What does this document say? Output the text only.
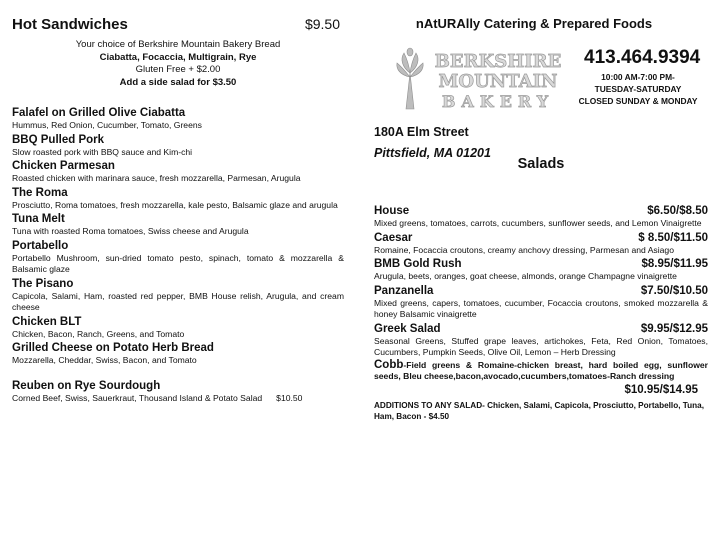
Hot Sandwiches	$9.50
Your choice of Berkshire Mountain Bakery Bread
Ciabatta, Focaccia, Multigrain, Rye
Gluten Free + $2.00
Add a side salad for $3.50
Falafel on Grilled Olive Ciabatta
Hummus, Red Onion, Cucumber, Tomato, Greens
BBQ Pulled Pork
Slow roasted pork with BBQ sauce and Kim-chi
Chicken Parmesan
Roasted chicken with marinara sauce, fresh mozzarella, Parmesan, Arugula
The Roma
Prosciutto, Roma tomatoes, fresh mozzarella, kale pesto, Balsamic glaze and arugula
Tuna Melt
Tuna with roasted Roma tomatoes, Swiss cheese and Arugula
Portabello
Portabello Mushroom, sun-dried tomato pesto, spinach, tomato & mozzarella & Balsamic glaze
The Pisano
Capicola, Salami, Ham, roasted red pepper, BMB House relish, Arugula, and cream cheese
Chicken BLT
Chicken, Bacon, Ranch, Greens, and Tomato
Grilled Cheese on Potato Herb Bread
Mozzarella, Cheddar, Swiss, Bacon, and Tomato
Reuben on Rye Sourdough
Corned Beef, Swiss, Sauerkraut, Thousand Island & Potato Salad $10.50
nAtURAlly Catering & Prepared Foods
BERKSHIRE
MOUNTAIN
BAKERY
413.464.9394
10:00 AM-7:00 PM-
TUESDAY-SATURDAY
CLOSED SUNDAY & MONDAY
180A Elm Street
Pittsfield, MA 01201
Salads
House	$6.50/$8.50
Mixed greens, tomatoes, carrots, cucumbers, sunflower seeds, and Lemon Vinaigrette
Caesar	$ 8.50/$11.50
Romaine, Focaccia croutons, creamy anchovy dressing, Parmesan and Asiago
BMB Gold Rush	$8.95/$11.95
Arugula, beets, oranges, goat cheese, almonds, orange Champagne vinaigrette
Panzanella	$7.50/$10.50
Mixed greens, capers, tomatoes, cucumber, Focaccia croutons, smoked mozzarella & honey Balsamic vinaigrette
Greek Salad	$9.95/$12.95
Seasonal Greens, Stuffed grape leaves, artichokes, Feta, Red Onion, Tomatoes, Cucumbers, Pumpkin Seeds, Olive Oil, Lemon – Herb Dressing
Cobb-Field greens & Romaine-chicken breast, hard boiled egg, sunflower seeds, Bleu cheese,bacon,avocado,cucumbers,tomatoes-Ranch dressing
$10.95/$14.95
ADDITIONS TO ANY SALAD- Chicken, Salami, Capicola, Prosciutto, Portabello, Tuna, Ham, Bacon - $4.50
